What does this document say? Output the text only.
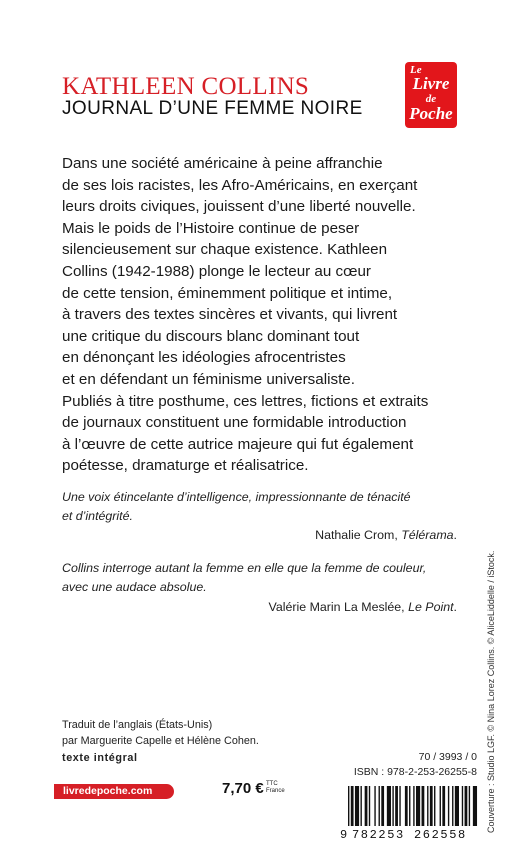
KATHLEEN COLLINS
JOURNAL D’UNE FEMME NOIRE
Le
Livre
de
Poche
Dans une société américaine à peine affranchie
de ses lois racistes, les Afro-Américains, en exerçant
leurs droits civiques, jouissent d’une liberté nouvelle.
Mais le poids de l’Histoire continue de peser
silencieusement sur chaque existence. Kathleen
Collins (1942-1988) plonge le lecteur au cœur
de cette tension, éminemment politique et intime,
à travers des textes sincères et vivants, qui livrent
une critique du discours blanc dominant tout
en dénonçant les idéologies afrocentristes
et en défendant un féminisme universaliste.
Publiés à titre posthume, ces lettres, fictions et extraits
de journaux constituent une formidable introduction
à l’œuvre de cette autrice majeure qui fut également
poétesse, dramaturge et réalisatrice.
Une voix étincelante d’intelligence, impressionnante de ténacité
et d’intégrité.
Nathalie Crom, Télérama.
Collins interroge autant la femme en elle que la femme de couleur,
avec une audace absolue.
Valérie Marin La Meslée, Le Point.
Traduit de l’anglais (États-Unis)
par Marguerite Capelle et Hélène Cohen.
texte intégral
livredepoche.com	7,70 € TTC
France
70 / 3993 / 0
ISBN : 978-2-253-26255-8
9 782253 262558
Couverture : Studio LGF. © Nina Lorez Collins. © AliceLiddelle / iStock.
